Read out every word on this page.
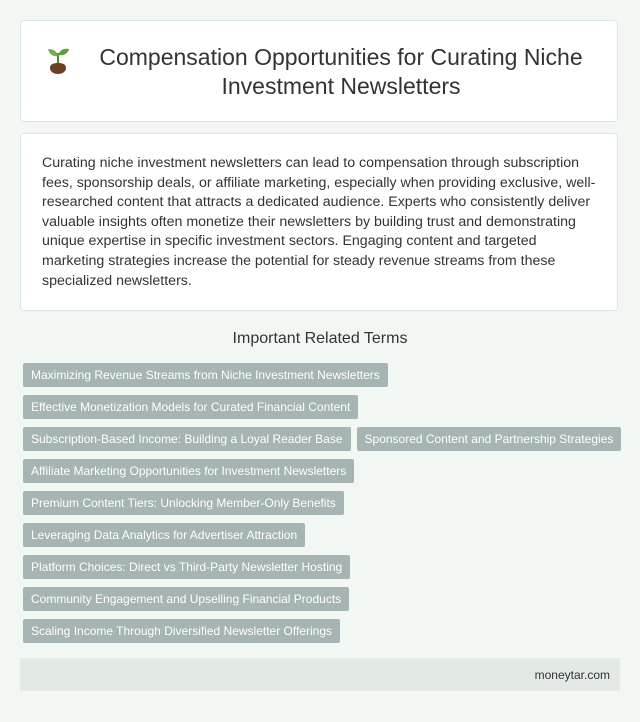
Compensation Opportunities for Curating Niche Investment Newsletters

Curating niche investment newsletters can lead to compensation through subscription fees, sponsorship deals, or affiliate marketing, especially when providing exclusive, well-researched content that attracts a dedicated audience. Experts who consistently deliver valuable insights often monetize their newsletters by building trust and demonstrating unique expertise in specific investment sectors. Engaging content and targeted marketing strategies increase the potential for steady revenue streams from these specialized newsletters.

Important Related Terms
Maximizing Revenue Streams from Niche Investment Newsletters
Effective Monetization Models for Curated Financial Content
Subscription-Based Income: Building a Loyal Reader Base Sponsored Content and Partnership Strategies
Affiliate Marketing Opportunities for Investment Newsletters
Premium Content Tiers: Unlocking Member-Only Benefits
Leveraging Data Analytics for Advertiser Attraction
Platform Choices: Direct vs Third-Party Newsletter Hosting
Community Engagement and Upselling Financial Products
Scaling Income Through Diversified Newsletter Offerings
moneytar.com
